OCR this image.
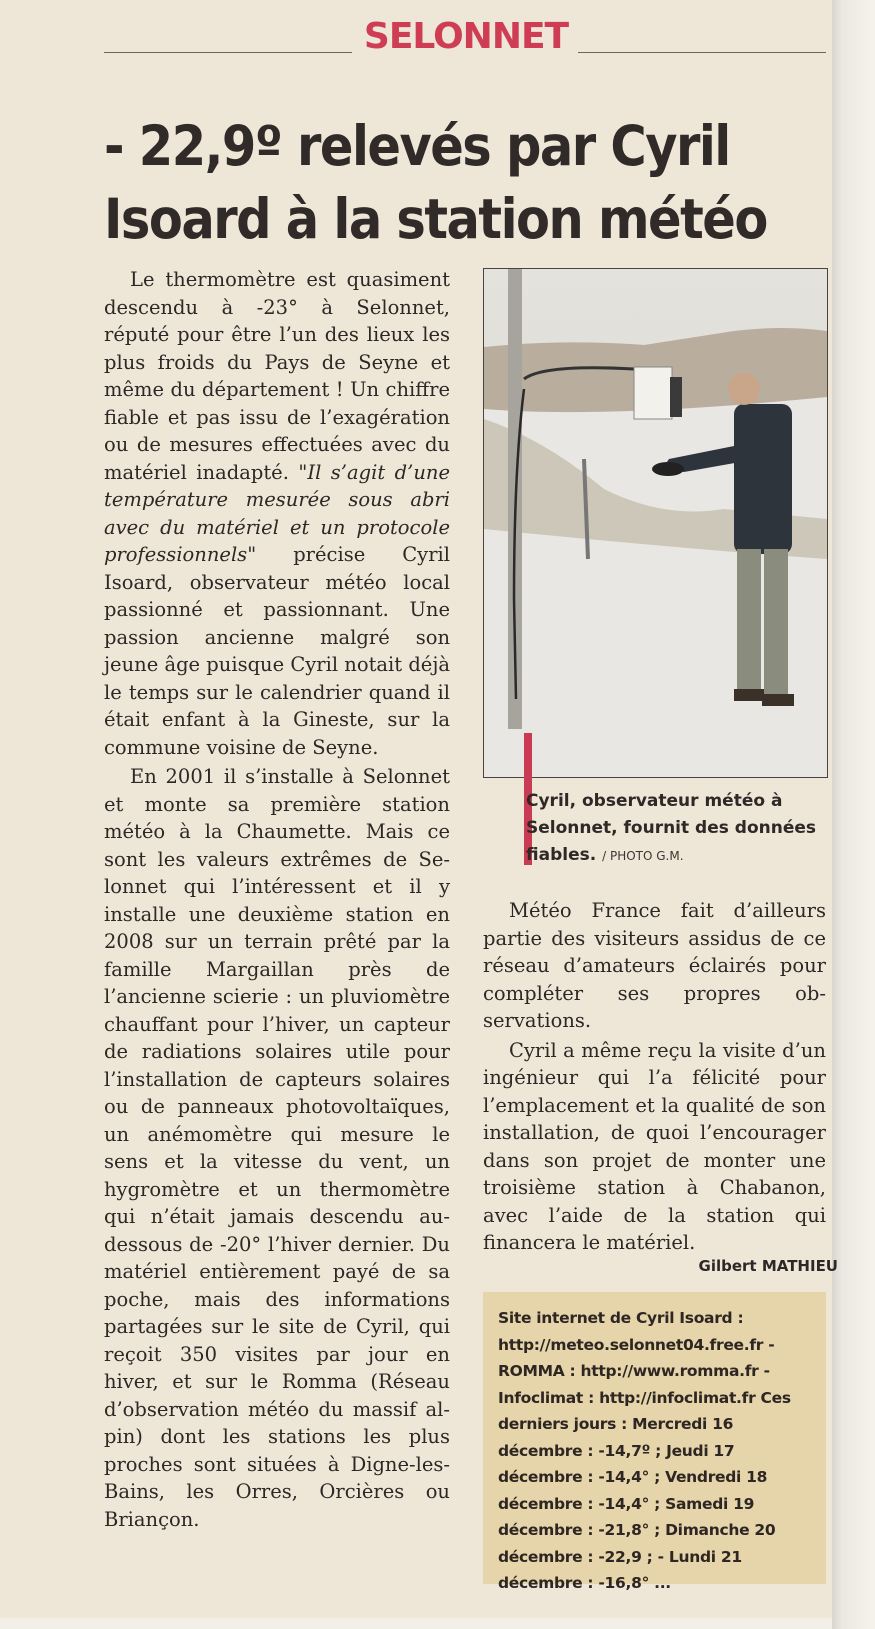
SELONNET
- 22,9º relevés par Cyril Isoard à la station météo

Le thermomètre est quasiment descendu à -23° à Selonnet, réputé pour être l’un des lieux les plus froids du Pays de Seyne et même du département ! Un chiffre fiable et pas issu de l’exagération ou de mesures effectuées avec du matériel inadapté. "Il s’agit d’une température mesurée sous abri avec du matériel et un protocole professionnels" précise Cyril Isoard, observateur météo local passionné et passionnant. Une passion ancienne malgré son jeune âge puisque Cyril notait déjà le temps sur le calendrier quand il était enfant à la Gineste, sur la commune voisine de Seyne.

En 2001 il s’installe à Selonnet et monte sa première station météo à la Chaumette. Mais ce sont les valeurs extrêmes de Selonnet qui l’intéressent et il y installe une deuxième station en 2008 sur un terrain prêté par la famille Margaillan près de l’ancienne scierie : un pluviomètre chauffant pour l’hiver, un capteur de radiations solaires utile pour l’installation de capteurs solaires ou de panneaux photovoltaïques, un anémomètre qui mesure le sens et la vitesse du vent, un hygromètre et un thermomètre qui n’était jamais descendu au-dessous de -20° l’hiver dernier. Du matériel entièrement payé de sa poche, mais des informations partagées sur le site de Cyril, qui reçoit 350 visites par jour en hiver, et sur le Romma (Réseau d’observation météo du massif alpin) dont les stations les plus proches sont situées à Digne-les-Bains, les Orres, Orcières ou Briançon.

Cyril, observateur météo à Selonnet, fournit des données fiables. / PHOTO G.M.

Météo France fait d’ailleurs partie des visiteurs assidus de ce réseau d’amateurs éclairés pour compléter ses propres observations.

Cyril a même reçu la visite d’un ingénieur qui l’a félicité pour l’emplacement et la qualité de son installation, de quoi l’encourager dans son projet de monter une troisième station à Chabanon, avec l’aide de la station qui financera le matériel.

Gilbert MATHIEU
Site internet de Cyril Isoard : http://meteo.selonnet04.free.fr - ROMMA : http://www.romma.fr - Infoclimat : http://infoclimat.fr Ces derniers jours : Mercredi 16 décembre : -14,7º ; Jeudi 17 décembre : -14,4° ; Vendredi 18 décembre : -14,4° ; Samedi 19 décembre : -21,8° ; Dimanche 20 décembre : -22,9 ; - Lundi 21 décembre : -16,8° ...
